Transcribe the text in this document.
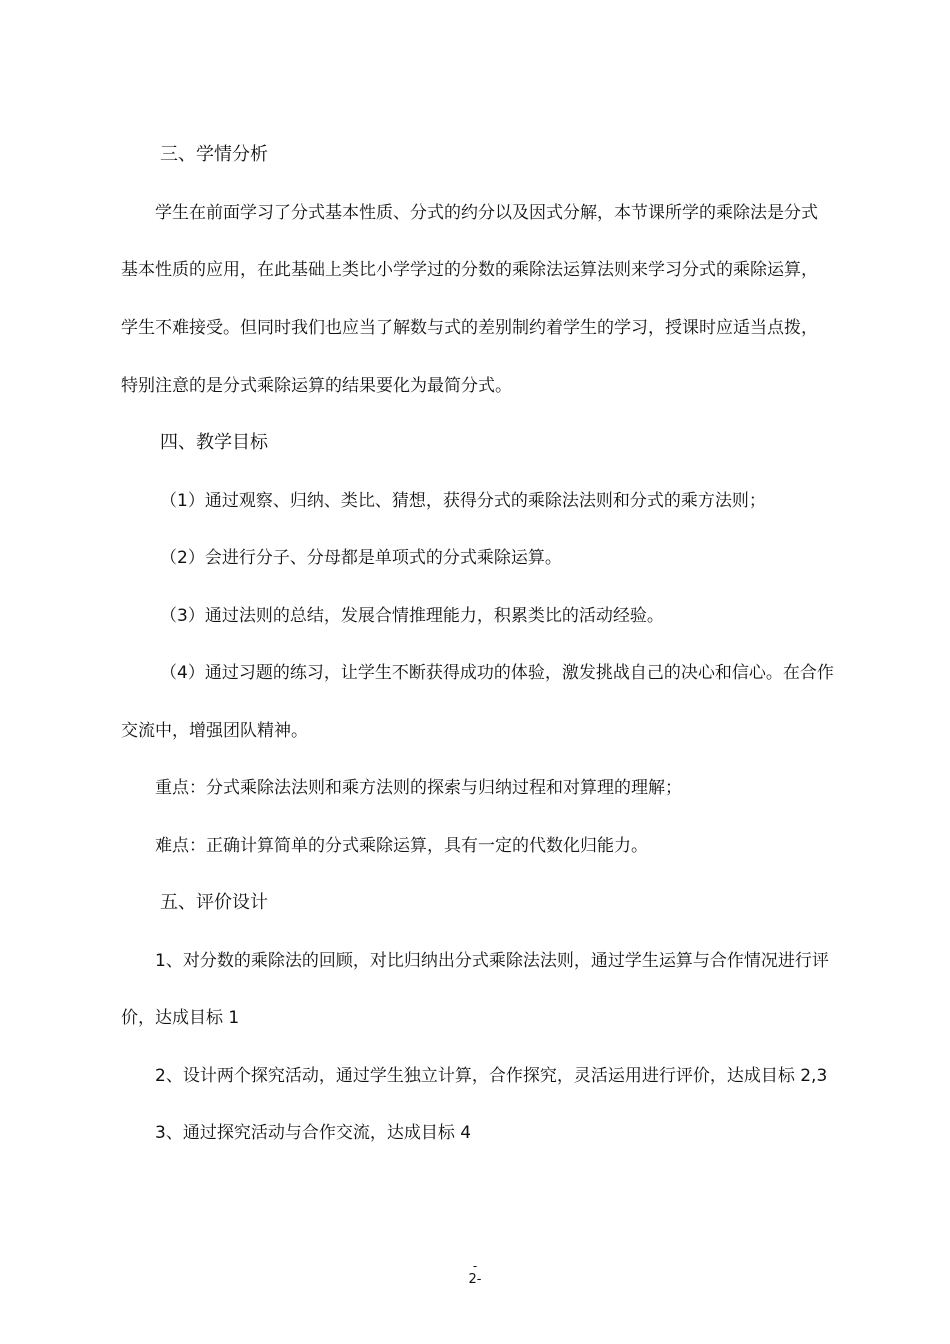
三、学情分析
学生在前面学习了分式基本性质、分式的约分以及因式分解，本节课所学的乘除法是分式
基本性质的应用，在此基础上类比小学学过的分数的乘除法运算法则来学习分式的乘除运算，
学生不难接受。但同时我们也应当了解数与式的差别制约着学生的学习，授课时应适当点拨，
特别注意的是分式乘除运算的结果要化为最简分式。
四、教学目标
（1）通过观察、归纳、类比、猜想，获得分式的乘除法法则和分式的乘方法则；
（2）会进行分子、分母都是单项式的分式乘除运算。
（3）通过法则的总结，发展合情推理能力，积累类比的活动经验。
（4）通过习题的练习，让学生不断获得成功的体验，激发挑战自己的决心和信心。在合作
交流中，增强团队精神。
重点：分式乘除法法则和乘方法则的探索与归纳过程和对算理的理解；
难点：正确计算简单的分式乘除运算，具有一定的代数化归能力。
五、评价设计
1、对分数的乘除法的回顾，对比归纳出分式乘除法法则，通过学生运算与合作情况进行评
价，达成目标 1
2、设计两个探究活动，通过学生独立计算，合作探究，灵活运用进行评价，达成目标 2,3
3、通过探究活动与合作交流，达成目标 4
-
2-
